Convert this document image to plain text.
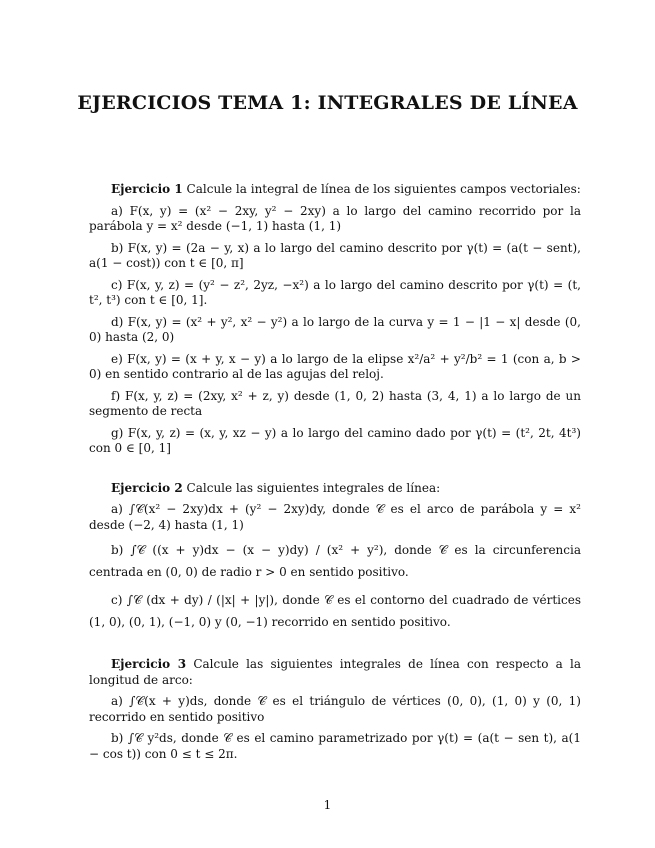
EJERCICIOS TEMA 1: INTEGRALES DE LÍNEA

Ejercicio 1 Calcule la integral de línea de los siguientes campos vectoriales:

a) F(x, y) = (x² − 2xy, y² − 2xy) a lo largo del camino recorrido por la parábola y = x² desde (−1, 1) hasta (1, 1)

b) F(x, y) = (2a − y, x) a lo largo del camino descrito por γ(t) = (a(t − sent), a(1 − cost)) con t ∈ [0, π]

c) F(x, y, z) = (y² − z², 2yz, −x²) a lo largo del camino descrito por γ(t) = (t, t², t³) con t ∈ [0, 1].

d) F(x, y) = (x² + y², x² − y²) a lo largo de la curva y = 1 − |1 − x| desde (0, 0) hasta (2, 0)

e) F(x, y) = (x + y, x − y) a lo largo de la elipse x²/a² + y²/b² = 1 (con a, b > 0) en sentido contrario al de las agujas del reloj.

f) F(x, y, z) = (2xy, x² + z, y) desde (1, 0, 2) hasta (3, 4, 1) a lo largo de un segmento de recta

g) F(x, y, z) = (x, y, xz − y) a lo largo del camino dado por γ(t) = (t², 2t, 4t³) con 0 ∈ [0, 1]

Ejercicio 2 Calcule las siguientes integrales de línea:

a) ∫𝒞(x² − 2xy)dx + (y² − 2xy)dy, donde 𝒞 es el arco de parábola y = x² desde (−2, 4) hasta (1, 1)

b) ∫𝒞 ((x + y)dx − (x − y)dy) / (x² + y²), donde 𝒞 es la circunferencia centrada en (0, 0) de radio r > 0 en sentido positivo.

c) ∫𝒞 (dx + dy) / (|x| + |y|), donde 𝒞 es el contorno del cuadrado de vértices (1, 0), (0, 1), (−1, 0) y (0, −1) recorrido en sentido positivo.

Ejercicio 3 Calcule las siguientes integrales de línea con respecto a la longitud de arco:

a) ∫𝒞(x + y)ds, donde 𝒞 es el triángulo de vértices (0, 0), (1, 0) y (0, 1) recorrido en sentido positivo

b) ∫𝒞 y²ds, donde 𝒞 es el camino parametrizado por γ(t) = (a(t − sen t), a(1 − cos t)) con 0 ≤ t ≤ 2π.

1
